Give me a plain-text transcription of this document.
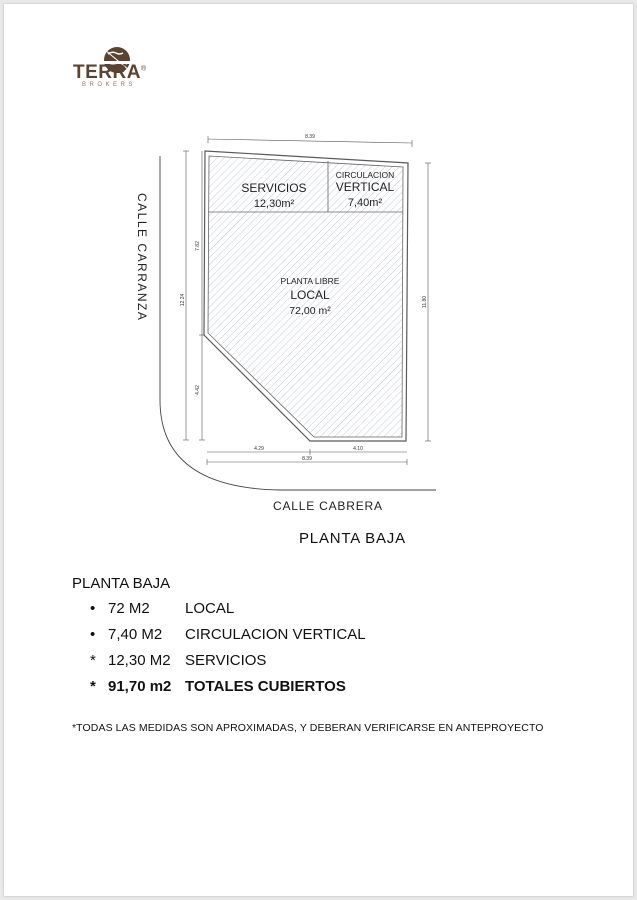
TERRA®
BROKERS
SERVICIOS
12,30m²
CIRCULACION
VERTICAL
7,40m²
PLANTA LIBRE
LOCAL
72,00 m²
8.39
7.82
12.24
4.42
11.80
4.29	4.10
8.39
CALLE CARRANZA
CALLE CABRERA
PLANTA BAJA
PLANTA BAJA
• 72 M2 LOCAL
• 7,40 M2 CIRCULACION VERTICAL
* 12,30 M2 SERVICIOS
* 91,70 m2 TOTALES CUBIERTOS
*TODAS LAS MEDIDAS SON APROXIMADAS, Y DEBERAN VERIFICARSE EN ANTEPROYECTO
